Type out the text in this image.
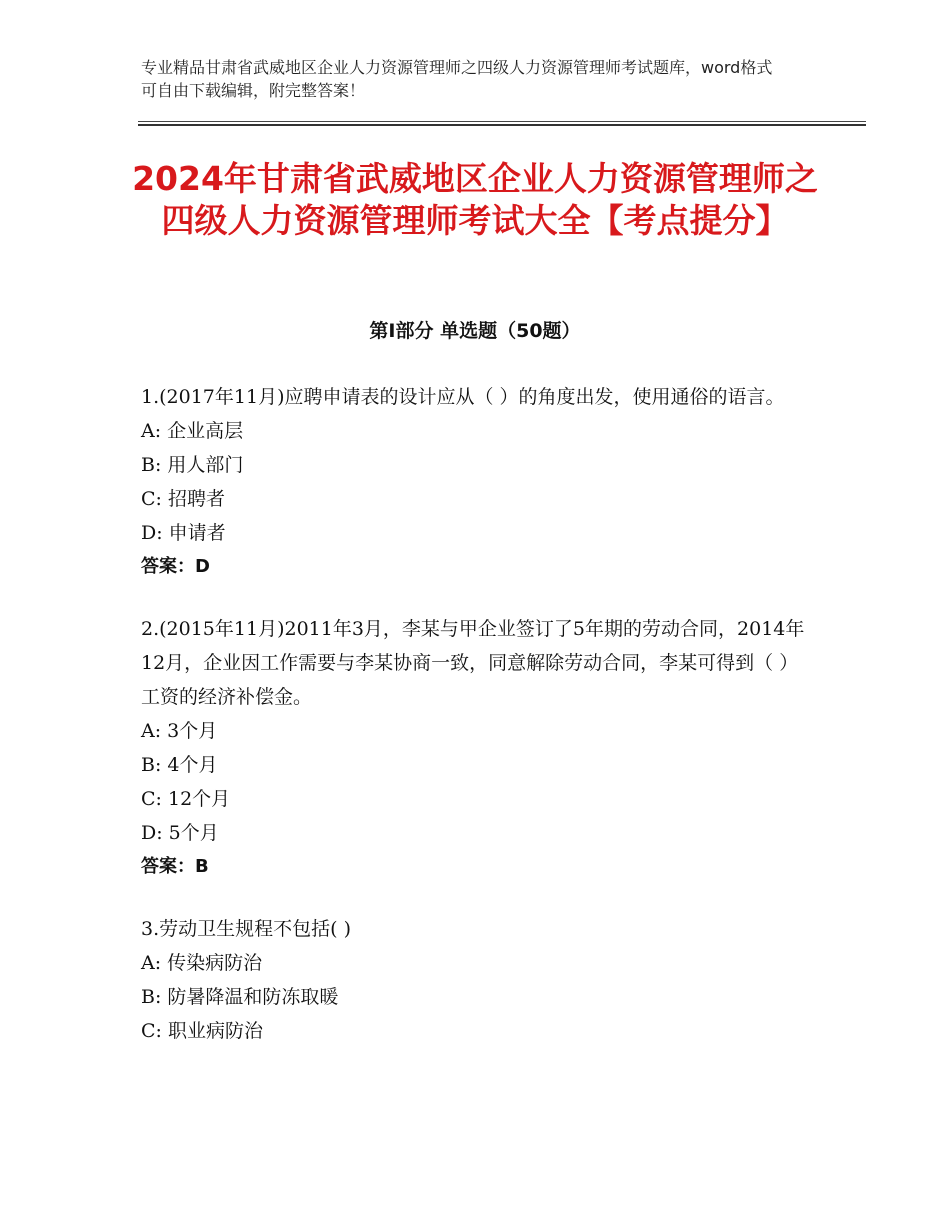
专业精品甘肃省武威地区企业人力资源管理师之四级人力资源管理师考试题库，word格式可自由下载编辑，附完整答案！
2024年甘肃省武威地区企业人力资源管理师之四级人力资源管理师考试大全【考点提分】
第Ⅰ部分 单选题（50题）

1.(2017年11月)应聘申请表的设计应从（ ）的角度出发，使用通俗的语言。

A: 企业高层

B: 用人部门

C: 招聘者

D: 申请者

答案：D

2.(2015年11月)2011年3月，李某与甲企业签订了5年期的劳动合同，2014年12月，企业因工作需要与李某协商一致，同意解除劳动合同，李某可得到（ ）工资的经济补偿金。

A: 3个月

B: 4个月

C: 12个月

D: 5个月

答案：B

3.劳动卫生规程不包括( )

A: 传染病防治

B: 防暑降温和防冻取暖

C: 职业病防治
